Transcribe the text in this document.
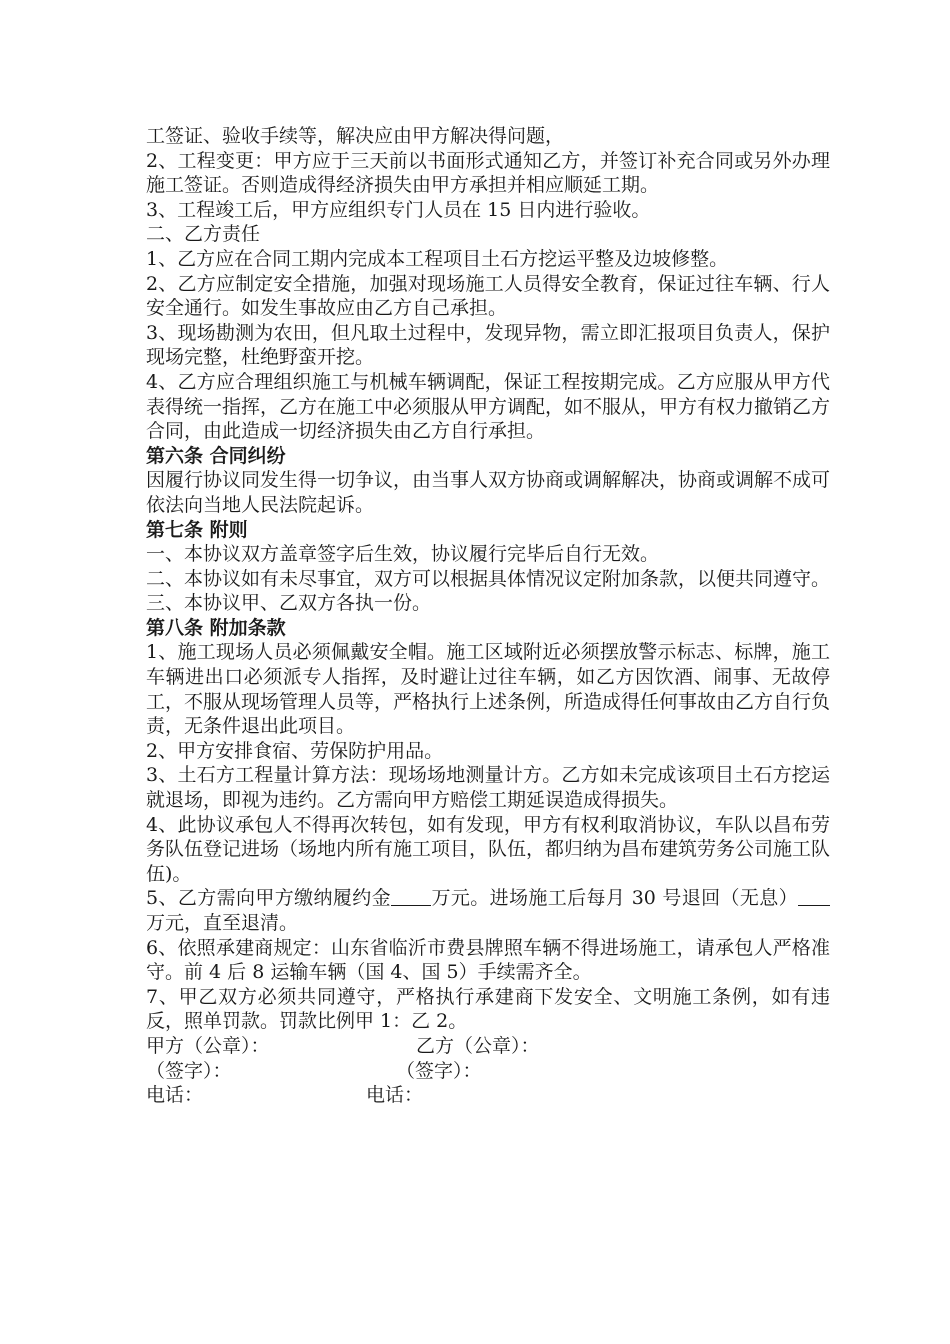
工签证、验收手续等，解决应由甲方解决得问题，

2、工程变更：甲方应于三天前以书面形式通知乙方，并签订补充合同或另外办理施工签证。否则造成得经济损失由甲方承担并相应顺延工期。

3、工程竣工后，甲方应组织专门人员在 15 日内进行验收。

二、乙方责任

1、乙方应在合同工期内完成本工程项目土石方挖运平整及边坡修整。

2、乙方应制定安全措施，加强对现场施工人员得安全教育，保证过往车辆、行人安全通行。如发生事故应由乙方自己承担。

3、现场勘测为农田，但凡取土过程中，发现异物，需立即汇报项目负责人，保护现场完整，杜绝野蛮开挖。

4、乙方应合理组织施工与机械车辆调配，保证工程按期完成。乙方应服从甲方代表得统一指挥，乙方在施工中必须服从甲方调配，如不服从，甲方有权力撤销乙方合同，由此造成一切经济损失由乙方自行承担。

第六条 合同纠纷

因履行协议同发生得一切争议，由当事人双方协商或调解解决，协商或调解不成可依法向当地人民法院起诉。

第七条 附则

一、本协议双方盖章签字后生效，协议履行完毕后自行无效。

二、本协议如有未尽事宜，双方可以根据具体情况议定附加条款，以便共同遵守。

三、本协议甲、乙双方各执一份。

第八条 附加条款

1、施工现场人员必须佩戴安全帽。施工区域附近必须摆放警示标志、标牌，施工车辆进出口必须派专人指挥，及时避让过往车辆，如乙方因饮酒、闹事、无故停工，不服从现场管理人员等，严格执行上述条例，所造成得任何事故由乙方自行负责，无条件退出此项目。

2、甲方安排食宿、劳保防护用品。

3、土石方工程量计算方法：现场场地测量计方。乙方如未完成该项目土石方挖运就退场，即视为违约。乙方需向甲方赔偿工期延误造成得损失。

4、此协议承包人不得再次转包，如有发现，甲方有权利取消协议，车队以昌布劳务队伍登记进场（场地内所有施工项目，队伍，都归纳为昌布建筑劳务公司施工队伍)。

5、乙方需向甲方缴纳履约金 万元。进场施工后每月 30 号退回（无息）万元，直至退清。

6、依照承建商规定：山东省临沂市费县牌照车辆不得进场施工，请承包人严格准守。前 4 后 8 运输车辆（国 4、国 5）手续需齐全。

7、甲乙双方必须共同遵守，严格执行承建商下发安全、文明施工条例，如有违反，照单罚款。罚款比例甲 1：乙 2。

甲方（公章）：	乙方（公章）：
（签字）：	（签字）：
电话：	电话：
